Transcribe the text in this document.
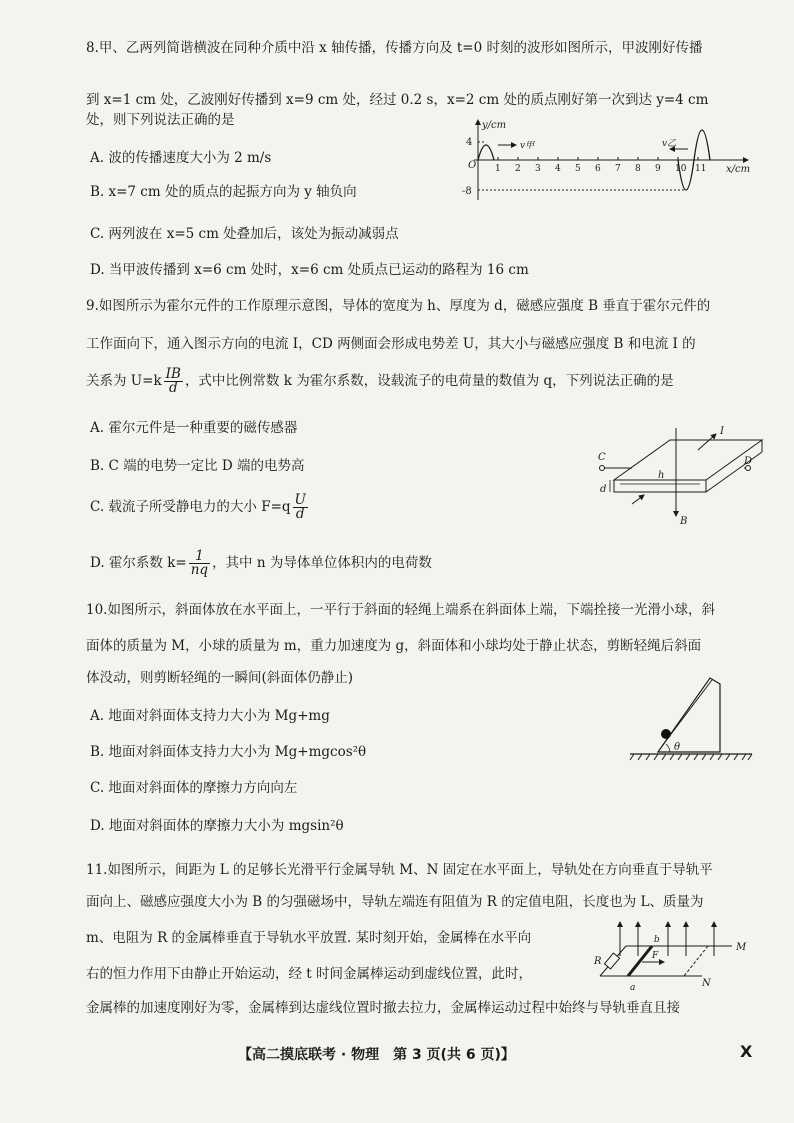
8.甲、乙两列简谐横波在同种介质中沿 x 轴传播，传播方向及 t=0 时刻的波形如图所示，甲波刚好传播
到 x=1 cm 处，乙波刚好传播到 x=9 cm 处，经过 0.2 s，x=2 cm 处的质点刚好第一次到达 y=4 cm
处，则下列说法正确的是
A. 波的传播速度大小为 2 m/s
B. x=7 cm 处的质点的起振方向为 y 轴负向
C. 两列波在 x=5 cm 处叠加后，该处为振动减弱点
D. 当甲波传播到 x=6 cm 处时，x=6 cm 处质点已运动的路程为 16 cm
y/cm
x/cm
4
-8
O 1 2 3 4 5 6 7 8 9 10 11
v甲	v乙
9.如图所示为霍尔元件的工作原理示意图，导体的宽度为 h、厚度为 d，磁感应强度 B 垂直于霍尔元件的
工作面向下，通入图示方向的电流 I，CD 两侧面会形成电势差 U，其大小与磁感应强度 B 和电流 I 的
关系为 $U=k \frac{IB}{d}$ ，式中比例常数 k 为霍尔系数，设载流子的电荷量的数值为 q，下列说法正确的是
A. 霍尔元件是一种重要的磁传感器
B. C 端的电势一定比 D 端的电势高
C. 载流子所受静电力的大小 $F=q \frac{U}{d}$
D. 霍尔系数 $k= \frac{1}{nq}$ ，其中 n 为导体单位体积内的电荷数
C	D
I
h
d
B
10.如图所示，斜面体放在水平面上，一平行于斜面的轻绳上端系在斜面体上端，下端拴接一光滑小球，斜
面体的质量为 M，小球的质量为 m，重力加速度为 g，斜面体和小球均处于静止状态，剪断轻绳后斜面
体没动，则剪断轻绳的一瞬间(斜面体仍静止)
A. 地面对斜面体支持力大小为 Mg+mg
B. 地面对斜面体支持力大小为 Mg+mgcos²θ
C. 地面对斜面体的摩擦力方向向左
D. 地面对斜面体的摩擦力大小为 mgsin²θ
θ
11.如图所示，间距为 L 的足够长光滑平行金属导轨 M、N 固定在水平面上，导轨处在方向垂直于导轨平
面向上、磁感应强度大小为 B 的匀强磁场中，导轨左端连有阻值为 R 的定值电阻，长度也为 L、质量为
m、电阻为 R 的金属棒垂直于导轨水平放置. 某时刻开始，金属棒在水平向
右的恒力作用下由静止开始运动，经 t 时间金属棒运动到虚线位置，此时，
金属棒的加速度刚好为零，金属棒到达虚线位置时撤去拉力，金属棒运动过程中始终与导轨垂直且接
M
N
R
a
b
F
【高二摸底联考 · 物理　第 3 页(共 6 页)】	X
